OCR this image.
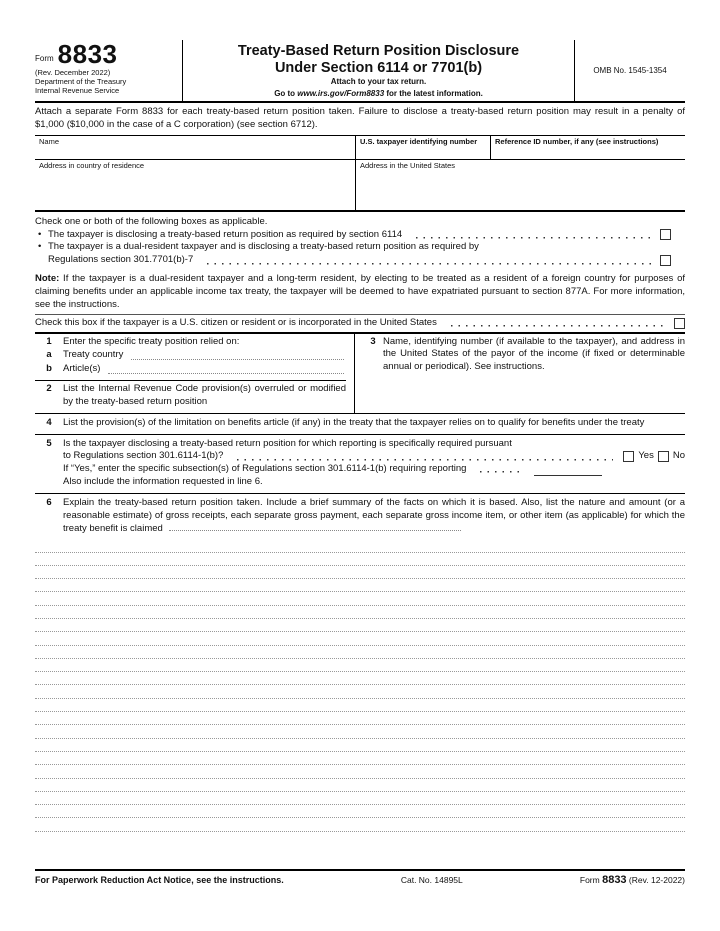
Form 8833
(Rev. December 2022)
Department of the Treasury
Internal Revenue Service
Treaty-Based Return Position Disclosure
Under Section 6114 or 7701(b)
Attach to your tax return.
Go to www.irs.gov/Form8833 for the latest information.
OMB No. 1545-1354

Attach a separate Form 8833 for each treaty-based return position taken. Failure to disclose a treaty-based return position may result in a penalty of $1,000 ($10,000 in the case of a C corporation) (see section 6712).

Name	U.S. taxpayer identifying number	Reference ID number, if any (see instructions)
Address in country of residence	Address in the United States
Check one or both of the following boxes as applicable.
• The taxpayer is disclosing a treaty-based return position as required by section 6114
• The taxpayer is a dual-resident taxpayer and is disclosing a treaty-based return position as required by
Regulations section 301.7701(b)-7

Note: If the taxpayer is a dual-resident taxpayer and a long-term resident, by electing to be treated as a resident of a foreign country for purposes of claiming benefits under an applicable income tax treaty, the taxpayer will be deemed to have expatriated pursuant to section 877A. For more information, see the instructions.

Check this box if the taxpayer is a U.S. citizen or resident or is incorporated in the United States
1	Enter the specific treaty position relied on:
a	Treaty country
b	Article(s)
2	List the Internal Revenue Code provision(s) overruled or modified by the treaty-based return position
3 Name, identifying number (if available to the taxpayer), and address in the United States of the payor of the income (if fixed or determinable annual or periodical). See instructions.
4	List the provision(s) of the limitation on benefits article (if any) in the treaty that the taxpayer relies on to qualify for benefits under the treaty
5	Is the taxpayer disclosing a treaty-based return position for which reporting is specifically required pursuant
to Regulations section 301.6114-1(b)?	Yes No
If “Yes,” enter the specific subsection(s) of Regulations section 301.6114-1(b) requiring reporting
Also include the information requested in line 6.
6	Explain the treaty-based return position taken. Include a brief summary of the facts on which it is based. Also, list the nature and amount (or a reasonable estimate) of gross receipts, each separate gross payment, each separate gross income item, or other item (as applicable) for which the treaty benefit is claimed
For Paperwork Reduction Act Notice, see the instructions.	Cat. No. 14895L	Form 8833 (Rev. 12-2022)
